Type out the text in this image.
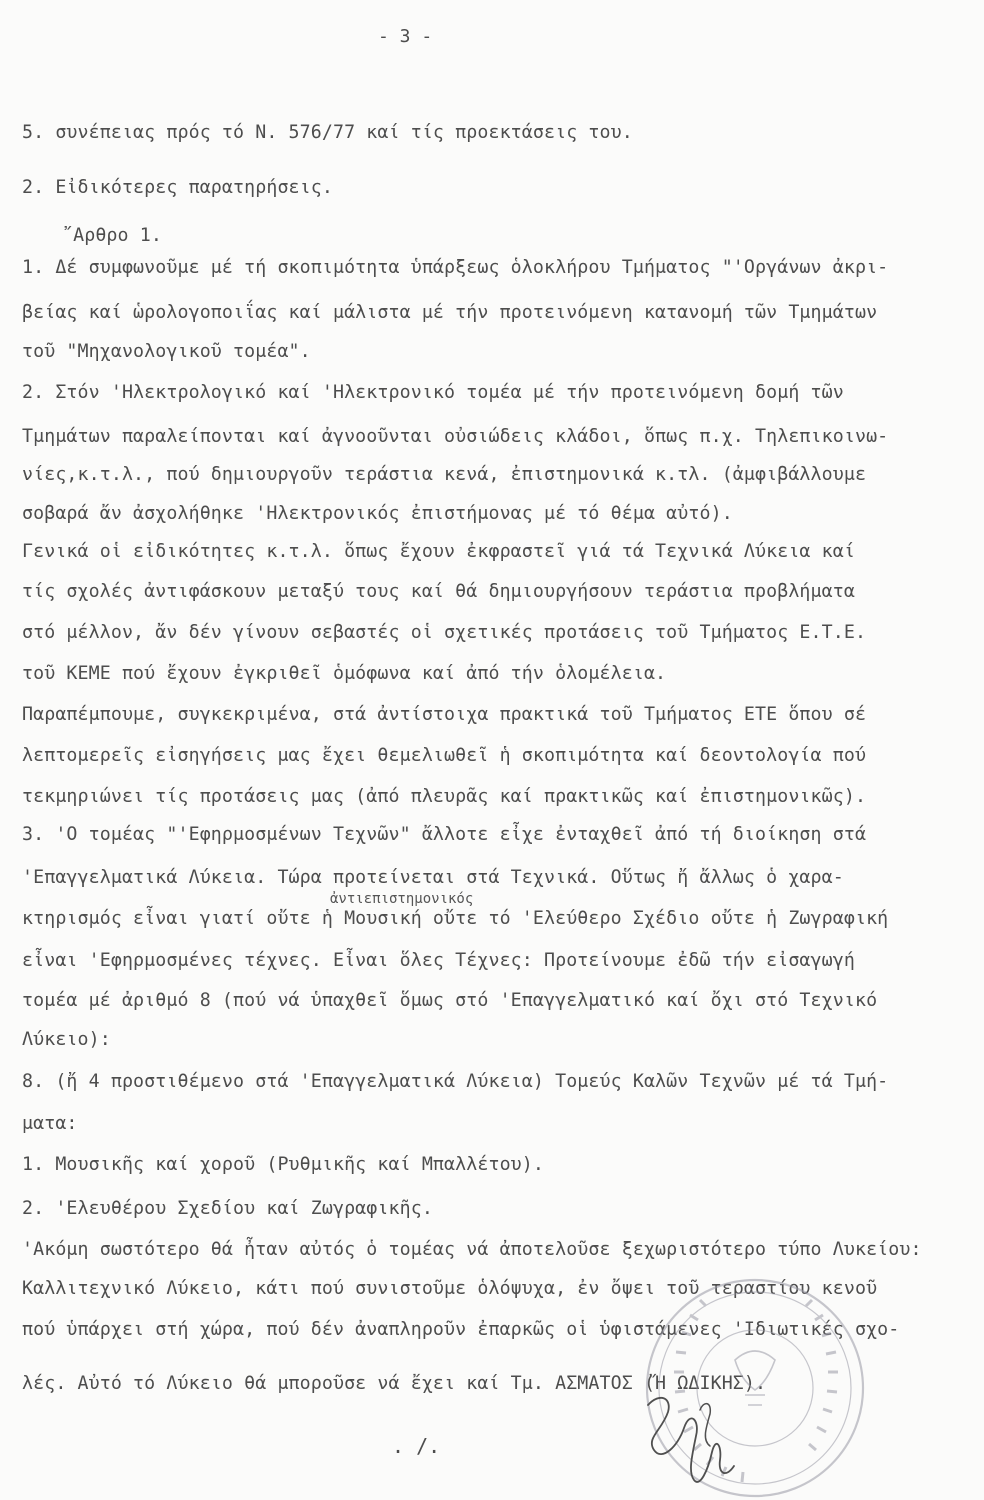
- 3 -
5. συνέπειας πρός τό Ν. 576/77 καί τίς προεκτάσεις του.
2. Εἰδικότερες παρατηρήσεις.
῎Αρθρο 1.
1. Δέ συμφωνοῦμε μέ τή σκοπιμότητα ὑπάρξεως ὁλοκλήρου Τμήματος "'Οργάνων ἀκρι-
βείας καί ὡρολογοποιΐας καί μάλιστα μέ τήν προτεινόμενη κατανομή τῶν Τμημάτων
τοῦ "Μηχανολογικοῦ τομέα".
2. Στόν 'Ηλεκτρολογικό καί 'Ηλεκτρονικό τομέα μέ τήν προτεινόμενη δομή τῶν
Τμημάτων παραλείπονται καί ἀγνοοῦνται οὐσιώδεις κλάδοι, ὅπως π.χ. Τηλεπικοινω-
νίες,κ.τ.λ., πού δημιουργοῦν τεράστια κενά, ἐπιστημονικά κ.τλ. (ἀμφιβάλλουμε
σοβαρά ἄν ἀσχολήθηκε 'Ηλεκτρονικός ἐπιστήμονας μέ τό θέμα αὐτό).
Γενικά οἱ εἰδικότητες κ.τ.λ. ὅπως ἔχουν ἐκφραστεῖ γιά τά Τεχνικά Λύκεια καί
τίς σχολές ἀντιφάσκουν μεταξύ τους καί θά δημιουργήσουν τεράστια προβλήματα
στό μέλλον, ἄν δέν γίνουν σεβαστές οἱ σχετικές προτάσεις τοῦ Τμήματος Ε.Τ.Ε.
τοῦ ΚΕΜΕ πού ἔχουν ἐγκριθεῖ ὁμόφωνα καί ἀπό τήν ὁλομέλεια.
Παραπέμπουμε, συγκεκριμένα, στά ἀντίστοιχα πρακτικά τοῦ Τμήματος ΕΤΕ ὅπου σέ
λεπτομερεῖς εἰσηγήσεις μας ἔχει θεμελιωθεῖ ἡ σκοπιμότητα καί δεοντολογία πού
τεκμηριώνει τίς προτάσεις μας (ἀπό πλευρᾶς καί πρακτικῶς καί ἐπιστημονικῶς).
3. 'Ο τομέας "'Εφηρμοσμένων Τεχνῶν" ἄλλοτε εἶχε ἐνταχθεῖ ἀπό τή διοίκηση στά
'Επαγγελματικά Λύκεια. Τώρα προτείνεται στά Τεχνικά. Οὕτως ἤ ἄλλως ὁ χαρα-
ἀντιεπιστημονικός
κτηρισμός εἶναι γιατί οὔτε ἡ Μουσική οὔτε τό 'Ελεύθερο Σχέδιο οὔτε ἡ Ζωγραφική
εἶναι 'Εφηρμοσμένες τέχνες. Εἶναι ὅλες Τέχνες: Προτείνουμε ἐδῶ τήν εἰσαγωγή
τομέα μέ ἀριθμό 8 (πού νά ὑπαχθεῖ ὅμως στό 'Επαγγελματικό καί ὄχι στό Τεχνικό
Λύκειο):
8. (ἤ 4 προστιθέμενο στά 'Επαγγελματικά Λύκεια) Τομεύς Καλῶν Τεχνῶν μέ τά Τμή-
ματα:
1. Μουσικῆς καί χοροῦ (Ρυθμικῆς καί Μπαλλέτου).
2. 'Ελευθέρου Σχεδίου καί Ζωγραφικῆς.
'Ακόμη σωστότερο θά ἦταν αὐτός ὁ τομέας νά ἀποτελοῦσε ξεχωριστότερο τύπο Λυκείου:
Καλλιτεχνικό Λύκειο, κάτι πού συνιστοῦμε ὁλόψυχα, ἐν ὄψει τοῦ τεραστίου κενοῦ
πού ὑπάρχει στή χώρα, πού δέν ἀναπληροῦν ἐπαρκῶς οἱ ὑφιστάμενες 'Ιδιωτικές σχο-
λές. Αὐτό τό Λύκειο θά μποροῦσε νά ἔχει καί Τμ. ΑΣΜΑΤΟΣ (Ἤ ΩΔΙΚΗΣ).
. /.
